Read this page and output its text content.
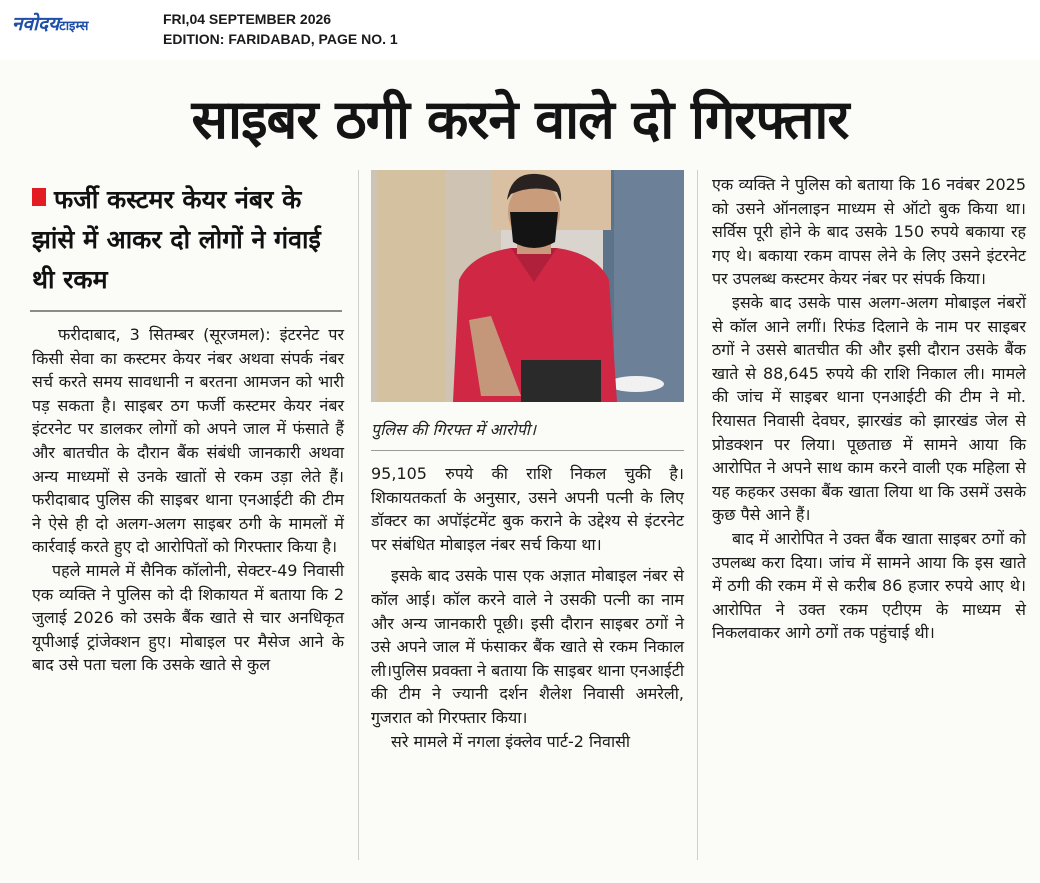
नवोदयटाइम्स	FRI,04 SEPTEMBER 2026
EDITION: FARIDABAD, PAGE NO. 1
साइबर ठगी करने वाले दो गिरफ्तार
फर्जी कस्टमर केयर नंबर के झांसे में आकर दो लोगों ने गंवाई थी रकम

फरीदाबाद, 3 सितम्बर (सूरजमल): इंटरनेट पर किसी सेवा का कस्टमर केयर नंबर अथवा संपर्क नंबर सर्च करते समय सावधानी न बरतना आमजन को भारी पड़ सकता है। साइबर ठग फर्जी कस्टमर केयर नंबर इंटरनेट पर डालकर लोगों को अपने जाल में फंसाते हैं और बातचीत के दौरान बैंक संबंधी जानकारी अथवा अन्य माध्यमों से उनके खातों से रकम उड़ा लेते हैं। फरीदाबाद पुलिस की साइबर थाना एनआईटी की टीम ने ऐसे ही दो अलग-अलग साइबर ठगी के मामलों में कार्रवाई करते हुए दो आरोपितों को गिरफ्तार किया है।

पहले मामले में सैनिक कॉलोनी, सेक्टर-49 निवासी एक व्यक्ति ने पुलिस को दी शिकायत में बताया कि 2 जुलाई 2026 को उसके बैंक खाते से चार अनधिकृत यूपीआई ट्रांजेक्शन हुए। मोबाइल पर मैसेज आने के बाद उसे पता चला कि उसके खाते से कुल

पुलिस की गिरफ्त में आरोपी।

95,105 रुपये की राशि निकल चुकी है। शिकायतकर्ता के अनुसार, उसने अपनी पत्नी के लिए डॉक्टर का अपॉइंटमेंट बुक कराने के उद्देश्य से इंटरनेट पर संबंधित मोबाइल नंबर सर्च किया था।

इसके बाद उसके पास एक अज्ञात मोबाइल नंबर से कॉल आई। कॉल करने वाले ने उसकी पत्नी का नाम और अन्य जानकारी पूछी। इसी दौरान साइबर ठगों ने उसे अपने जाल में फंसाकर बैंक खाते से रकम निकाल ली।पुलिस प्रवक्ता ने बताया कि साइबर थाना एनआईटी की टीम ने ज्यानी दर्शन शैलेश निवासी अमरेली, गुजरात को गिरफ्तार किया।

सरे मामले में नगला इंक्लेव पार्ट-2 निवासी

एक व्यक्ति ने पुलिस को बताया कि 16 नवंबर 2025 को उसने ऑनलाइन माध्यम से ऑटो बुक किया था। सर्विस पूरी होने के बाद उसके 150 रुपये बकाया रह गए थे। बकाया रकम वापस लेने के लिए उसने इंटरनेट पर उपलब्ध कस्टमर केयर नंबर पर संपर्क किया।

इसके बाद उसके पास अलग-अलग मोबाइल नंबरों से कॉल आने लगीं। रिफंड दिलाने के नाम पर साइबर ठगों ने उससे बातचीत की और इसी दौरान उसके बैंक खाते से 88,645 रुपये की राशि निकाल ली। मामले की जांच में साइबर थाना एनआईटी की टीम ने मो. रियासत निवासी देवघर, झारखंड को झारखंड जेल से प्रोडक्शन पर लिया। पूछताछ में सामने आया कि आरोपित ने अपने साथ काम करने वाली एक महिला से यह कहकर उसका बैंक खाता लिया था कि उसमें उसके कुछ पैसे आने हैं।

बाद में आरोपित ने उक्त बैंक खाता साइबर ठगों को उपलब्ध करा दिया। जांच में सामने आया कि इस खाते में ठगी की रकम में से करीब 86 हजार रुपये आए थे। आरोपित ने उक्त रकम एटीएम के माध्यम से निकलवाकर आगे ठगों तक पहुंचाई थी।
